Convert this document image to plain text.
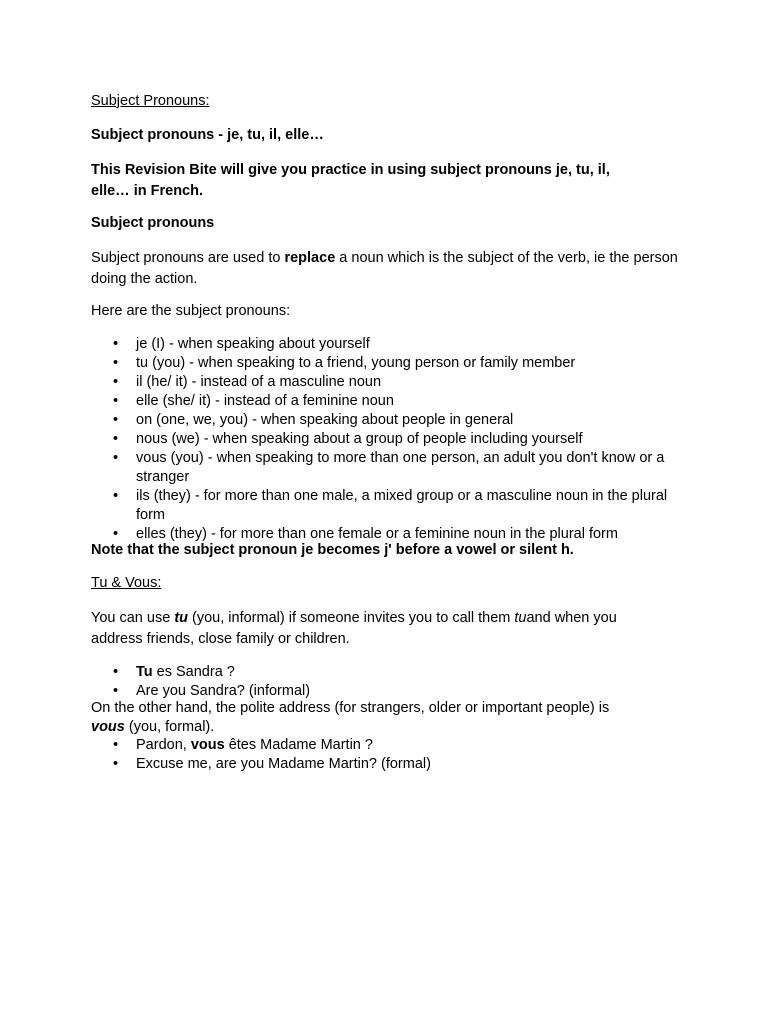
Subject Pronouns:

Subject pronouns - je, tu, il, elle…

This Revision Bite will give you practice in using subject pronouns je, tu, il, elle… in French.

Subject pronouns

Subject pronouns are used to replace a noun which is the subject of the verb, ie the person doing the action.

Here are the subject pronouns:

• je (I) - when speaking about yourself
• tu (you) - when speaking to a friend, young person or family member
• il (he/ it) - instead of a masculine noun
• elle (she/ it) - instead of a feminine noun
• on (one, we, you) - when speaking about people in general
• nous (we) - when speaking about a group of people including yourself
• vous (you) - when speaking to more than one person, an adult you don't know or a stranger
• ils (they) - for more than one male, a mixed group or a masculine noun in the plural form
• elles (they) - for more than one female or a feminine noun in the plural form

Note that the subject pronoun je becomes j' before a vowel or silent h.

Tu & Vous:

You can use tu (you, informal) if someone invites you to call them tuand when you address friends, close family or children.

• Tu es Sandra ?
• Are you Sandra? (informal)

On the other hand, the polite address (for strangers, older or important people) is vous (you, formal).

• Pardon, vous êtes Madame Martin ?
• Excuse me, are you Madame Martin? (formal)
